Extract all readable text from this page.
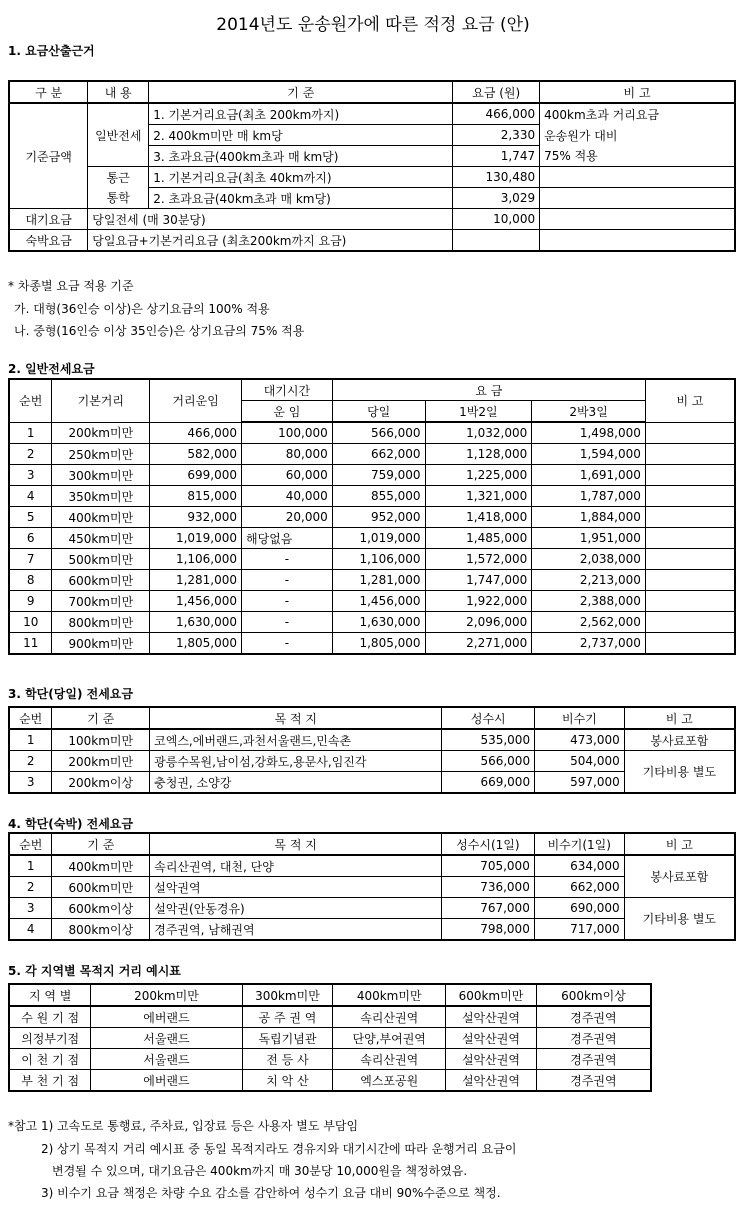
2014년도 운송원가에 따른 적정 요금 (안)
1. 요금산출근거
구 분	내 용	기 준	요금 (원)	비 고
기준금액	일반전세	1. 기본거리요금(최초 200km까지)	466,000	400km초과 거리요금
		2. 400km미만 매 km당	2,330	운송원가 대비
		3. 초과요금(400km초과 매 km당)	1,747	75% 적용
	통근	1. 기본거리요금(최초 40km까지)	130,480	
	통학	2. 초과요금(40km초과 매 km당)	3,029	
대기요금	당일전세 (매 30분당)		10,000	
숙박요금	당일요금+기본거리요금 (최초200km까지 요금)			
* 차종별 요금 적용 기준
가. 대형(36인승 이상)은 상기요금의 100% 적용
나. 중형(16인승 이상 35인승)은 상기요금의 75% 적용
2. 일반전세요금
순번	기본거리	거리운임	대기시간	요 금			비 고
			운 임	당일	1박2일	2박3일	
1	200km미만	466,000	100,000	566,000	1,032,000	1,498,000	
2	250km미만	582,000	80,000	662,000	1,128,000	1,594,000	
3	300km미만	699,000	60,000	759,000	1,225,000	1,691,000	
4	350km미만	815,000	40,000	855,000	1,321,000	1,787,000	
5	400km미만	932,000	20,000	952,000	1,418,000	1,884,000	
6	450km미만	1,019,000	해당없음	1,019,000	1,485,000	1,951,000	
7	500km미만	1,106,000	-	1,106,000	1,572,000	2,038,000	
8	600km미만	1,281,000	-	1,281,000	1,747,000	2,213,000	
9	700km미만	1,456,000	-	1,456,000	1,922,000	2,388,000	
10	800km미만	1,630,000	-	1,630,000	2,096,000	2,562,000	
11	900km미만	1,805,000	-	1,805,000	2,271,000	2,737,000	
3. 학단(당일) 전세요금
순번	기 준	목 적 지	성수시	비수기	비 고
1	100km미만	코엑스,에버랜드,과천서울랜드,민속촌	535,000	473,000	봉사료포함
2	200km미만	광릉수목원,남이섬,강화도,용문사,임진각	566,000	504,000	기타비용 별도
3	200km이상	충청권, 소양강	669,000	597,000	
4. 학단(숙박) 전세요금
순번	기 준	목 적 지	성수시(1일)	비수기(1일)	비 고
1	400km미만	속리산권역, 대천, 단양	705,000	634,000	봉사료포함
2	600km미만	설악권역	736,000	662,000	
3	600km이상	설악권(안동경유)	767,000	690,000	기타비용 별도
4	800km이상	경주권역, 남해권역	798,000	717,000	
5. 각 지역별 목적지 거리 예시표
지 역 별	200km미만	300km미만	400km미만	600km미만	600km이상
수 원 기 점	에버랜드	공 주 권 역	속리산권역	설악산권역	경주권역
의정부기점	서울랜드	독립기념관	단양,부여권역	설악산권역	경주권역
이 천 기 점	서울랜드	전 등 사	속리산권역	설악산권역	경주권역
부 천 기 점	에버랜드	치 악 산	엑스포공원	설악산권역	경주권역
*참고 1) 고속도로 통행료, 주차료, 입장료 등은 사용자 별도 부담임
2) 상기 목적지 거리 예시표 중 동일 목적지라도 경유지와 대기시간에 따라 운행거리 요금이
변경될 수 있으며, 대기요금은 400km까지 매 30분당 10,000원을 책정하였음.
3) 비수기 요금 책정은 차량 수요 감소를 감안하여 성수기 요금 대비 90%수준으로 책정.
